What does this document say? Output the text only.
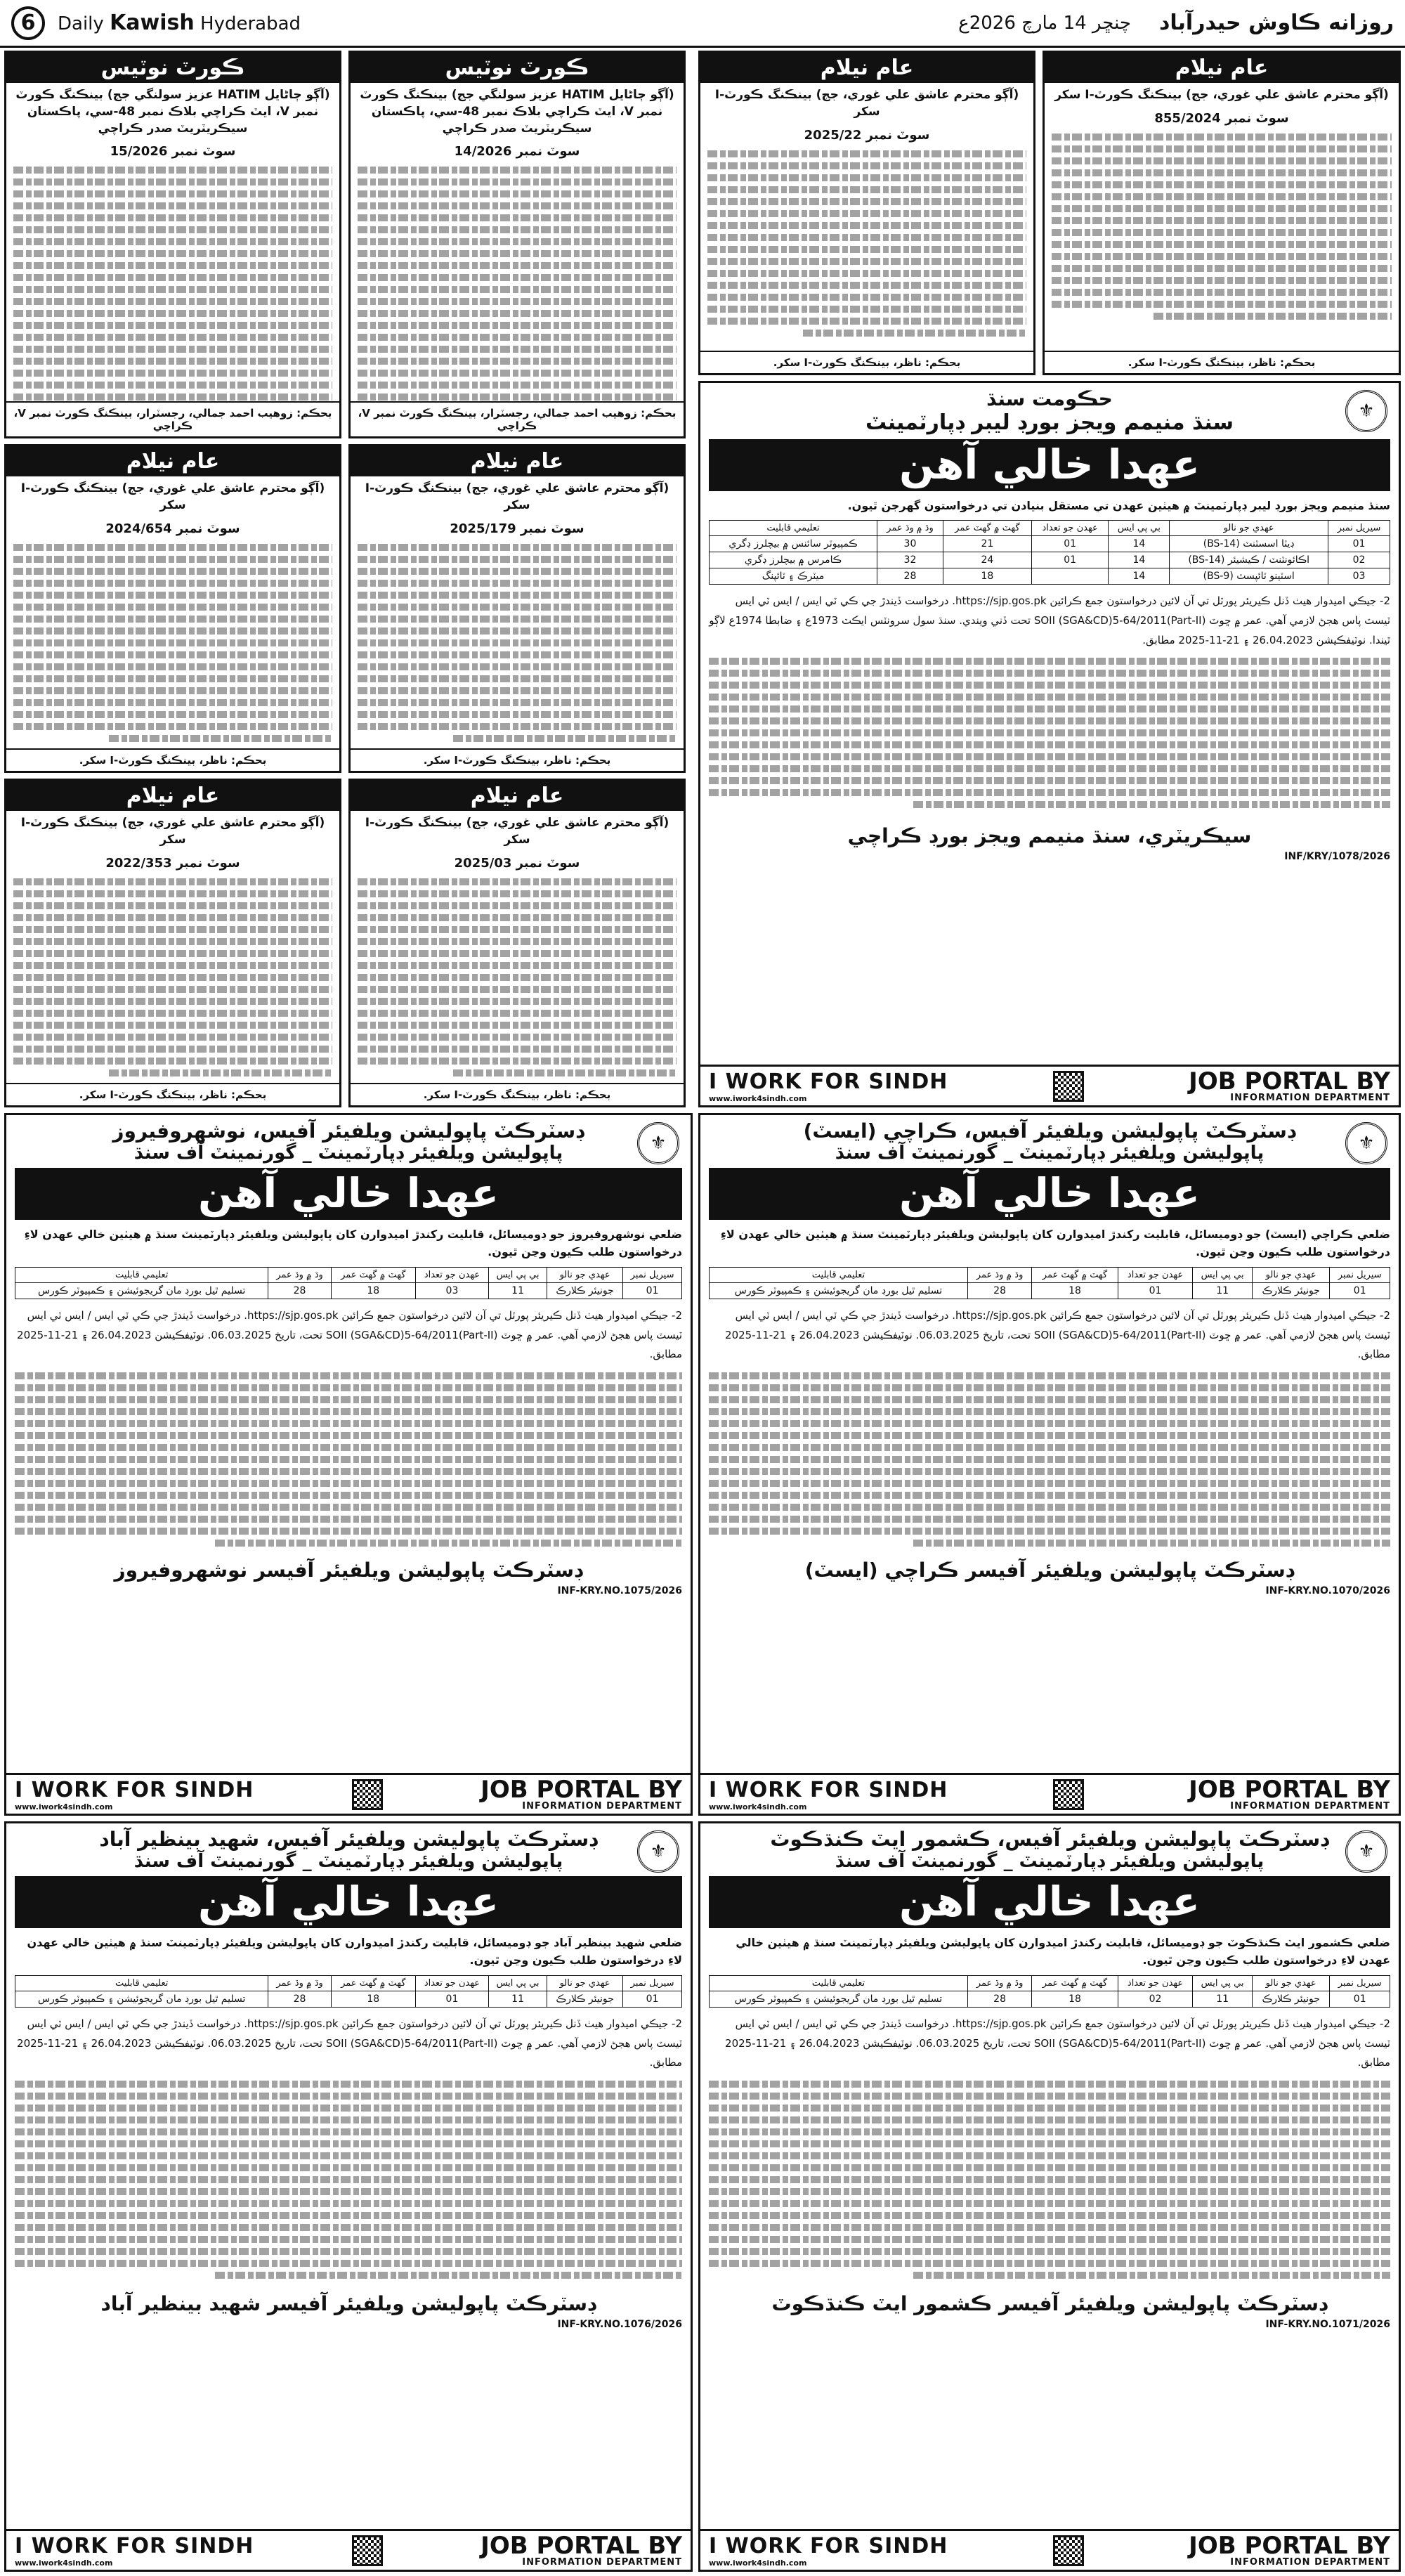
6	Daily Kawish Hyderabad	چنڇر 14 مارچ 2026ع روزانه ڪاوش حيدرآباد
ڪورٽ نوٽيس
(آڳو ڄاڻايل HATIM عزيز سولنگي جج) بينڪنگ ڪورٽ نمبر V، ايٽ ڪراچي بلاڪ نمبر 48-سي، پاڪستان سيڪريٽريٽ صدر ڪراچي
سوٽ نمبر 15/2026
بحڪم: زوهيب احمد جمالي، رجسٽرار، بينڪنگ ڪورٽ نمبر V، ڪراچي
ڪورٽ نوٽيس
(آڳو ڄاڻايل HATIM عزيز سولنگي جج) بينڪنگ ڪورٽ نمبر V، ايٽ ڪراچي بلاڪ نمبر 48-سي، پاڪستان سيڪريٽريٽ صدر ڪراچي
سوٽ نمبر 14/2026
بحڪم: زوهيب احمد جمالي، رجسٽرار، بينڪنگ ڪورٽ نمبر V، ڪراچي
عام نيلام
(آڳو محترم عاشق علي غوري، جج) بينڪنگ ڪورٽ-I سکر
سوٽ نمبر 2025/22
بحڪم: ناظر، بينڪنگ ڪورٽ-I سکر.
عام نيلام
(آڳو محترم عاشق علي غوري، جج) بينڪنگ ڪورٽ-I سکر
سوٽ نمبر 855/2024
بحڪم: ناظر، بينڪنگ ڪورٽ-I سکر.
عام نيلام
(آڳو محترم عاشق علي غوري، جج) بينڪنگ ڪورٽ-I سکر
سوٽ نمبر 2024/654
بحڪم: ناظر، بينڪنگ ڪورٽ-I سکر.
عام نيلام
(آڳو محترم عاشق علي غوري، جج) بينڪنگ ڪورٽ-I سکر
سوٽ نمبر 2025/179
بحڪم: ناظر، بينڪنگ ڪورٽ-I سکر.
عام نيلام
(آڳو محترم عاشق علي غوري، جج) بينڪنگ ڪورٽ-I سکر
سوٽ نمبر 2022/353
بحڪم: ناظر، بينڪنگ ڪورٽ-I سکر.
عام نيلام
(آڳو محترم عاشق علي غوري، جج) بينڪنگ ڪورٽ-I سکر
سوٽ نمبر 2025/03
بحڪم: ناظر، بينڪنگ ڪورٽ-I سکر.
⚜
حڪومت سنڌ
سنڌ منيمم ويجز بورڊ ليبر ڊپارٽمينٽ
عهدا خالي آهن
سنڌ منيمم ويجز بورڊ ليبر ڊپارٽمينٽ ۾ هيٺين عهدن تي مستقل بنيادن تي درخواستون گهرجن ٿيون.
سيريل نمبر	عهدي جو نالو	بي پي ايس	عهدن جو تعداد	گهٽ ۾ گهٽ عمر	وڌ ۾ وڌ عمر	تعليمي قابليت
01	ڊيٽا اسسٽنٽ (BS-14)	14	01	21	30	ڪمپيوٽر سائنس ۾ بيچلرز ڊگري
02	اڪائونٽنٽ / ڪيشيئر (BS-14)	14	01	24	32	ڪامرس ۾ بيچلرز ڊگري
03	اسٽينو ٽائپسٽ (BS-9)	14		18	28	ميٽرڪ ۽ ٽائپنگ
2- جيڪي اميدوار هيٺ ڏنل ڪيريئر پورٽل تي آن لائين درخواستون جمع ڪرائين https://sjp.gos.pk. درخواست ڏيندڙ جي ڪي ٽي ايس / ايس ٽي ايس ٽيسٽ پاس هجڻ لازمي آهي. عمر ۾ ڇوٽ SOII (SGA&CD)5-64/2011(Part-II) تحت ڏني ويندي. سنڌ سول سرونٽس ايڪٽ 1973ع ۽ ضابطا 1974ع لاڳو ٿيندا. نوٽيفڪيشن 26.04.2023 ۽ 21-11-2025 مطابق.
سيڪريٽري، سنڌ منيمم ويجز بورڊ ڪراچي
INF/KRY/1078/2026
I WORK FOR SINDH
www.iwork4sindh.com
JOB PORTAL BY
INFORMATION DEPARTMENT
⚜
ڊسٽرڪٽ پاپوليشن ويلفيئر آفيس، نوشهروفيروز
پاپوليشن ويلفيئر ڊپارٽمينٽ _ گورنمينٽ آف سنڌ
عهدا خالي آهن
ضلعي نوشهروفيروز جو ڊوميسائل، قابليت رکندڙ اميدوارن کان پاپوليشن ويلفيئر ڊپارٽمينٽ سنڌ ۾ هيٺين خالي عهدن لاءِ درخواستون طلب ڪيون وڃن ٿيون.
سيريل نمبر	عهدي جو نالو	بي پي ايس	عهدن جو تعداد	گهٽ ۾ گهٽ عمر	وڌ ۾ وڌ عمر	تعليمي قابليت
01	جونيئر ڪلارڪ	11	03	18	28	تسليم ٿيل بورڊ مان گريجوئيشن ۽ ڪمپيوٽر ڪورس
2- جيڪي اميدوار هيٺ ڏنل ڪيريئر پورٽل تي آن لائين درخواستون جمع ڪرائين https://sjp.gos.pk. درخواست ڏيندڙ جي ڪي ٽي ايس / ايس ٽي ايس ٽيسٽ پاس هجڻ لازمي آهي. عمر ۾ ڇوٽ SOII (SGA&CD)5-64/2011(Part-II) تحت، تاريخ 06.03.2025. نوٽيفڪيشن 26.04.2023 ۽ 21-11-2025 مطابق.
ڊسٽرڪٽ پاپوليشن ويلفيئر آفيسر نوشهروفيروز
INF-KRY.NO.1075/2026
I WORK FOR SINDH
www.iwork4sindh.com
JOB PORTAL BY
INFORMATION DEPARTMENT
⚜
ڊسٽرڪٽ پاپوليشن ويلفيئر آفيس، ڪراچي (ايسٽ)
پاپوليشن ويلفيئر ڊپارٽمينٽ _ گورنمينٽ آف سنڌ
عهدا خالي آهن
ضلعي ڪراچي (ايسٽ) جو ڊوميسائل، قابليت رکندڙ اميدوارن کان پاپوليشن ويلفيئر ڊپارٽمينٽ سنڌ ۾ هيٺين خالي عهدن لاءِ درخواستون طلب ڪيون وڃن ٿيون.
سيريل نمبر	عهدي جو نالو	بي پي ايس	عهدن جو تعداد	گهٽ ۾ گهٽ عمر	وڌ ۾ وڌ عمر	تعليمي قابليت
01	جونيئر ڪلارڪ	11	01	18	28	تسليم ٿيل بورڊ مان گريجوئيشن ۽ ڪمپيوٽر ڪورس
2- جيڪي اميدوار هيٺ ڏنل ڪيريئر پورٽل تي آن لائين درخواستون جمع ڪرائين https://sjp.gos.pk. درخواست ڏيندڙ جي ڪي ٽي ايس / ايس ٽي ايس ٽيسٽ پاس هجڻ لازمي آهي. عمر ۾ ڇوٽ SOII (SGA&CD)5-64/2011(Part-II) تحت، تاريخ 06.03.2025. نوٽيفڪيشن 26.04.2023 ۽ 21-11-2025 مطابق.
ڊسٽرڪٽ پاپوليشن ويلفيئر آفيسر ڪراچي (ايسٽ)
INF-KRY.NO.1070/2026
I WORK FOR SINDH
www.iwork4sindh.com
JOB PORTAL BY
INFORMATION DEPARTMENT
⚜
ڊسٽرڪٽ پاپوليشن ويلفيئر آفيس، شهيد بينظير آباد
پاپوليشن ويلفيئر ڊپارٽمينٽ _ گورنمينٽ آف سنڌ
عهدا خالي آهن
ضلعي شهيد بينظير آباد جو ڊوميسائل، قابليت رکندڙ اميدوارن کان پاپوليشن ويلفيئر ڊپارٽمينٽ سنڌ ۾ هيٺين خالي عهدن لاءِ درخواستون طلب ڪيون وڃن ٿيون.
سيريل نمبر	عهدي جو نالو	بي پي ايس	عهدن جو تعداد	گهٽ ۾ گهٽ عمر	وڌ ۾ وڌ عمر	تعليمي قابليت
01	جونيئر ڪلارڪ	11	01	18	28	تسليم ٿيل بورڊ مان گريجوئيشن ۽ ڪمپيوٽر ڪورس
2- جيڪي اميدوار هيٺ ڏنل ڪيريئر پورٽل تي آن لائين درخواستون جمع ڪرائين https://sjp.gos.pk. درخواست ڏيندڙ جي ڪي ٽي ايس / ايس ٽي ايس ٽيسٽ پاس هجڻ لازمي آهي. عمر ۾ ڇوٽ SOII (SGA&CD)5-64/2011(Part-II) تحت، تاريخ 06.03.2025. نوٽيفڪيشن 26.04.2023 ۽ 21-11-2025 مطابق.
ڊسٽرڪٽ پاپوليشن ويلفيئر آفيسر شهيد بينظير آباد
INF-KRY.NO.1076/2026
I WORK FOR SINDH
www.iwork4sindh.com
JOB PORTAL BY
INFORMATION DEPARTMENT
⚜
ڊسٽرڪٽ پاپوليشن ويلفيئر آفيس، ڪشمور ايٽ ڪنڌڪوٽ
پاپوليشن ويلفيئر ڊپارٽمينٽ _ گورنمينٽ آف سنڌ
عهدا خالي آهن
ضلعي ڪشمور ايٽ ڪنڌڪوٽ جو ڊوميسائل، قابليت رکندڙ اميدوارن کان پاپوليشن ويلفيئر ڊپارٽمينٽ سنڌ ۾ هيٺين خالي عهدن لاءِ درخواستون طلب ڪيون وڃن ٿيون.
سيريل نمبر	عهدي جو نالو	بي پي ايس	عهدن جو تعداد	گهٽ ۾ گهٽ عمر	وڌ ۾ وڌ عمر	تعليمي قابليت
01	جونيئر ڪلارڪ	11	02	18	28	تسليم ٿيل بورڊ مان گريجوئيشن ۽ ڪمپيوٽر ڪورس
2- جيڪي اميدوار هيٺ ڏنل ڪيريئر پورٽل تي آن لائين درخواستون جمع ڪرائين https://sjp.gos.pk. درخواست ڏيندڙ جي ڪي ٽي ايس / ايس ٽي ايس ٽيسٽ پاس هجڻ لازمي آهي. عمر ۾ ڇوٽ SOII (SGA&CD)5-64/2011(Part-II) تحت، تاريخ 06.03.2025. نوٽيفڪيشن 26.04.2023 ۽ 21-11-2025 مطابق.
ڊسٽرڪٽ پاپوليشن ويلفيئر آفيسر ڪشمور ايٽ ڪنڌڪوٽ
INF-KRY.NO.1071/2026
I WORK FOR SINDH
www.iwork4sindh.com
JOB PORTAL BY
INFORMATION DEPARTMENT
